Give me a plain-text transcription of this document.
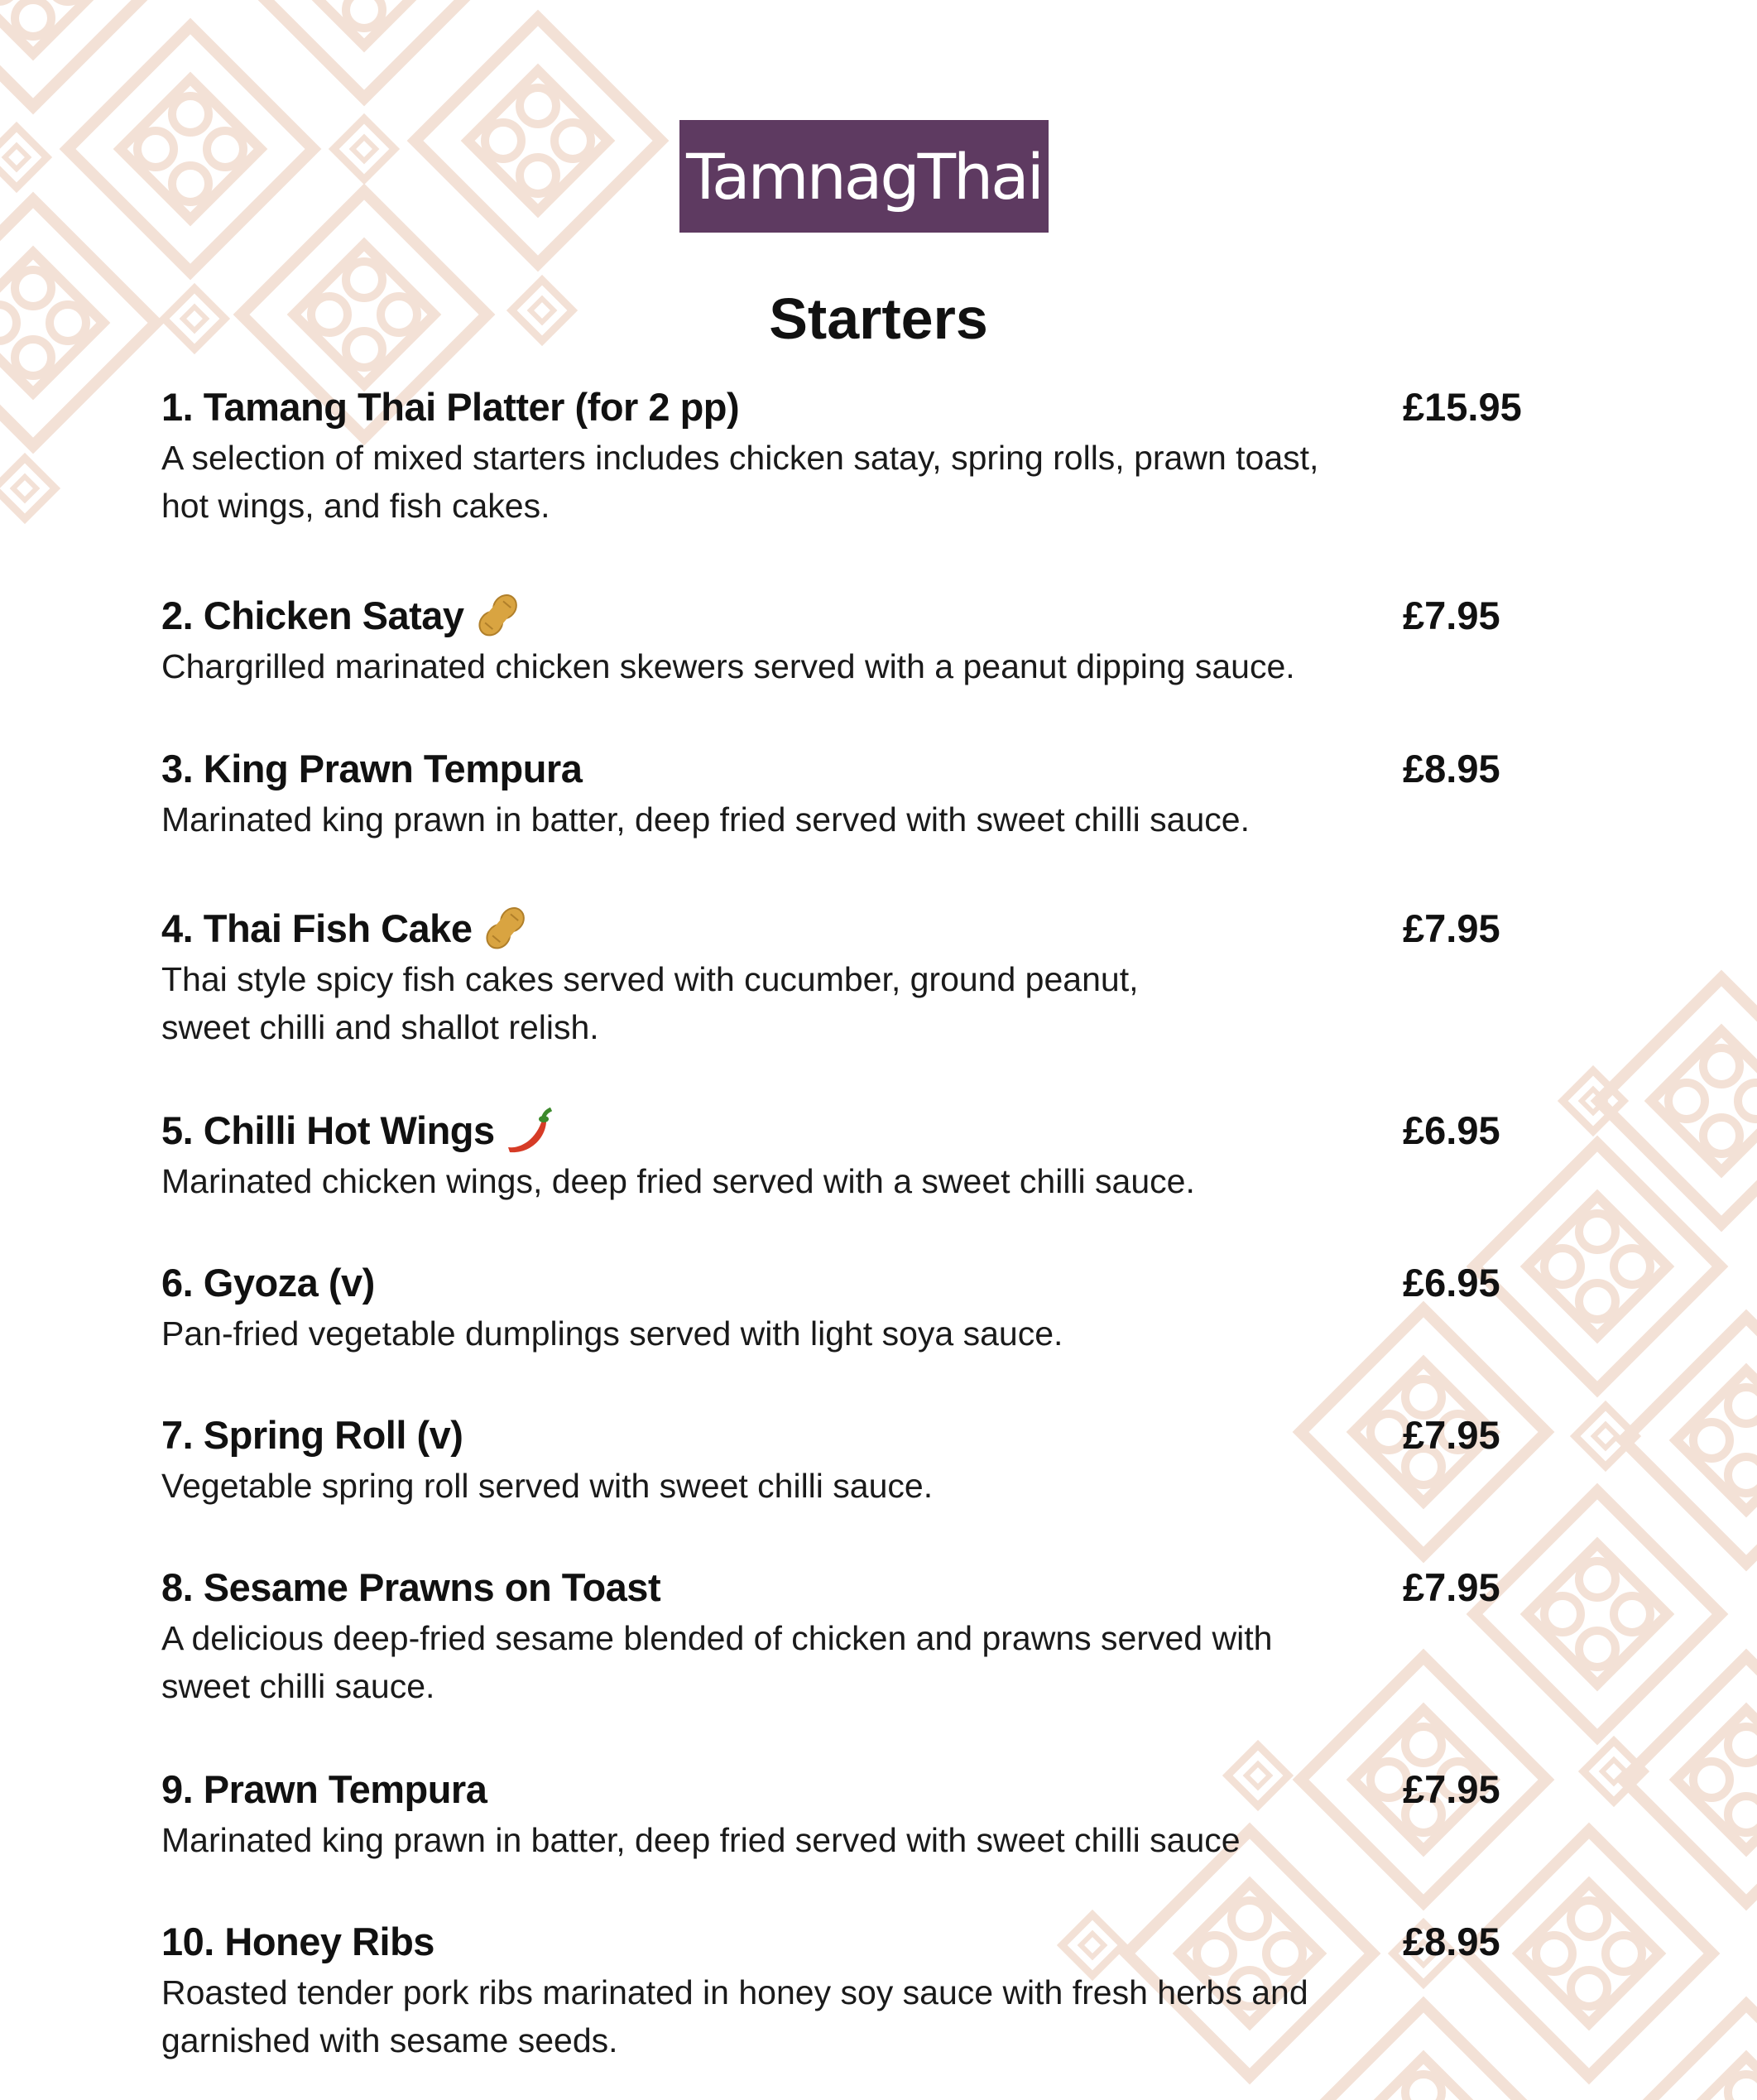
TamnagThai
Starters
1. Tamang Thai Platter (for 2 pp)	£15.95
A selection of mixed starters includes chicken satay, spring rolls, prawn toast,
hot wings, and fish cakes.
2. Chicken Satay	£7.95
Chargrilled marinated chicken skewers served with a peanut dipping sauce.
3. King Prawn Tempura	£8.95
Marinated king prawn in batter, deep fried served with sweet chilli sauce.
4. Thai Fish Cake	£7.95
Thai style spicy fish cakes served with cucumber, ground peanut,
sweet chilli and shallot relish.
5. Chilli Hot Wings	£6.95
Marinated chicken wings, deep fried served with a sweet chilli sauce.
6. Gyoza (v)	£6.95
Pan-fried vegetable dumplings served with light soya sauce.
7. Spring Roll (v)	£7.95
Vegetable spring roll served with sweet chilli sauce.
8. Sesame Prawns on Toast	£7.95
A delicious deep-fried sesame blended of chicken and prawns served with
sweet chilli sauce.
9. Prawn Tempura	£7.95
Marinated king prawn in batter, deep fried served with sweet chilli sauce
10. Honey Ribs	£8.95
Roasted tender pork ribs marinated in honey soy sauce with fresh herbs and
garnished with sesame seeds.
